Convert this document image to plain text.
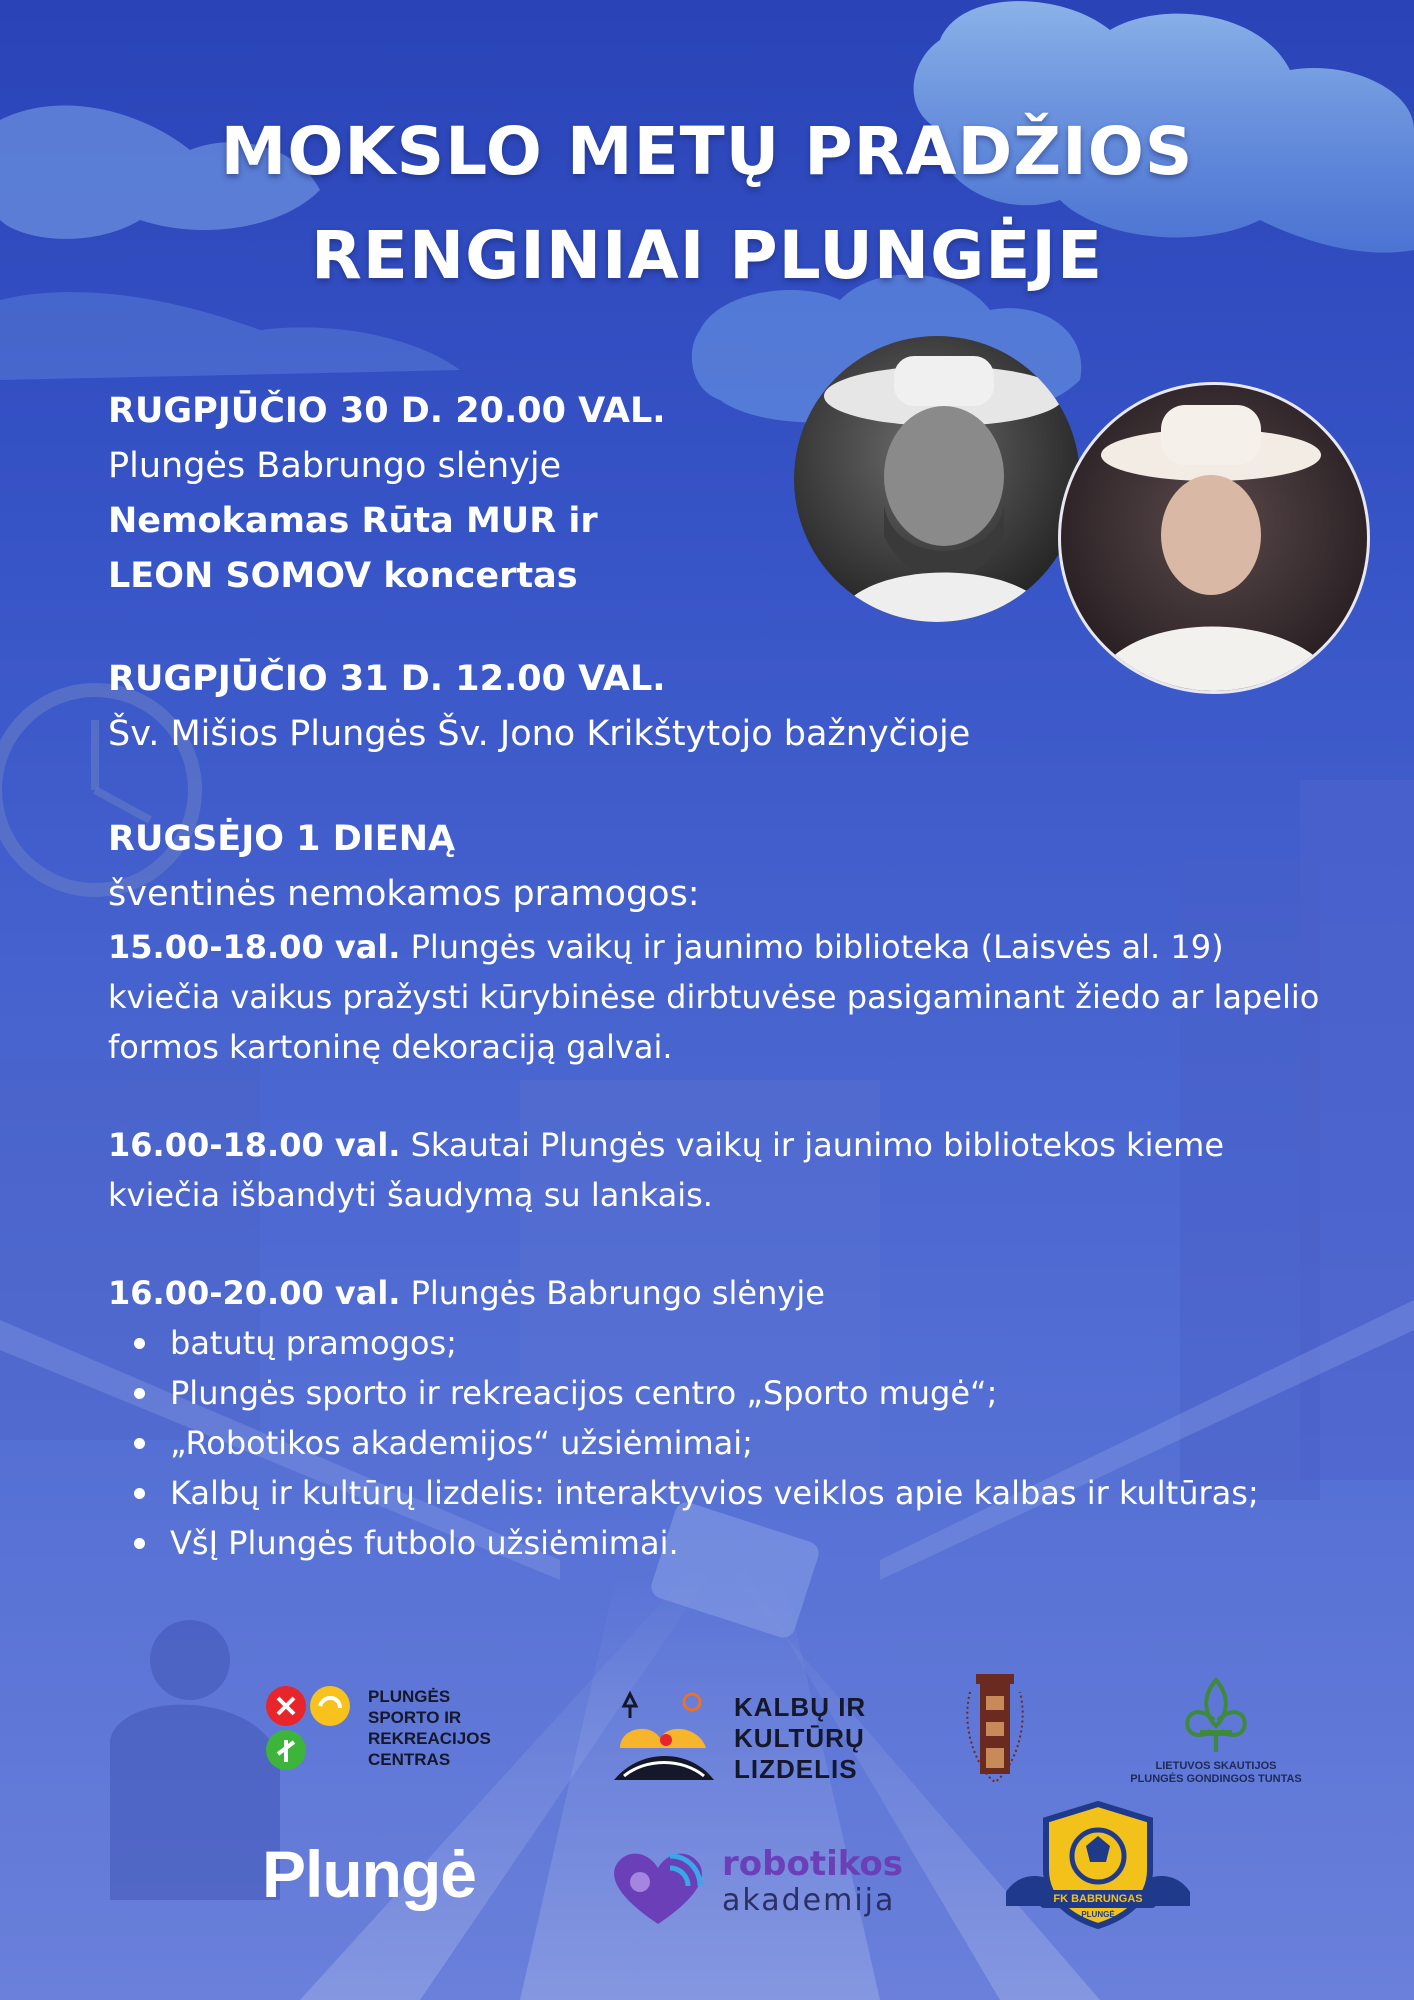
MOKSLO METŲ PRADŽIOS
RENGINIAI PLUNGĖJE
RUGPJŪČIO 30 D. 20.00 VAL.
Plungės Babrungo slėnyje
Nemokamas Rūta MUR ir
LEON SOMOV koncertas
RUGPJŪČIO 31 D. 12.00 VAL.
Šv. Mišios Plungės Šv. Jono Krikštytojo bažnyčioje
RUGSĖJO 1 DIENĄ
šventinės nemokamos pramogos:
15.00-18.00 val. Plungės vaikų ir jaunimo biblioteka (Laisvės al. 19) kviečia vaikus pražysti kūrybinėse dirbtuvėse pasigaminant žiedo ar lapelio formos kartoninę dekoraciją galvai.
16.00-18.00 val. Skautai Plungės vaikų ir jaunimo bibliotekos kieme kviečia išbandyti šaudymą su lankais.
16.00-20.00 val. Plungės Babrungo slėnyje
batutų pramogos;
Plungės sporto ir rekreacijos centro „Sporto mugė“;
„Robotikos akademijos“ užsiėmimai;
Kalbų ir kultūrų lizdelis: interaktyvios veiklos apie kalbas ir kultūras;
VšĮ Plungės futbolo užsiėmimai.
PLUNGĖS
SPORTO IR
REKREACIJOS
CENTRAS
KALBŲ IR
KULTŪRŲ
LIZDELIS	LIETUVOS SKAUTIJOS
PLUNGĖS GONDINGOS TUNTAS
Plungė	robotikos
akademija	FK BABRUNGAS
PLUNGĖ
